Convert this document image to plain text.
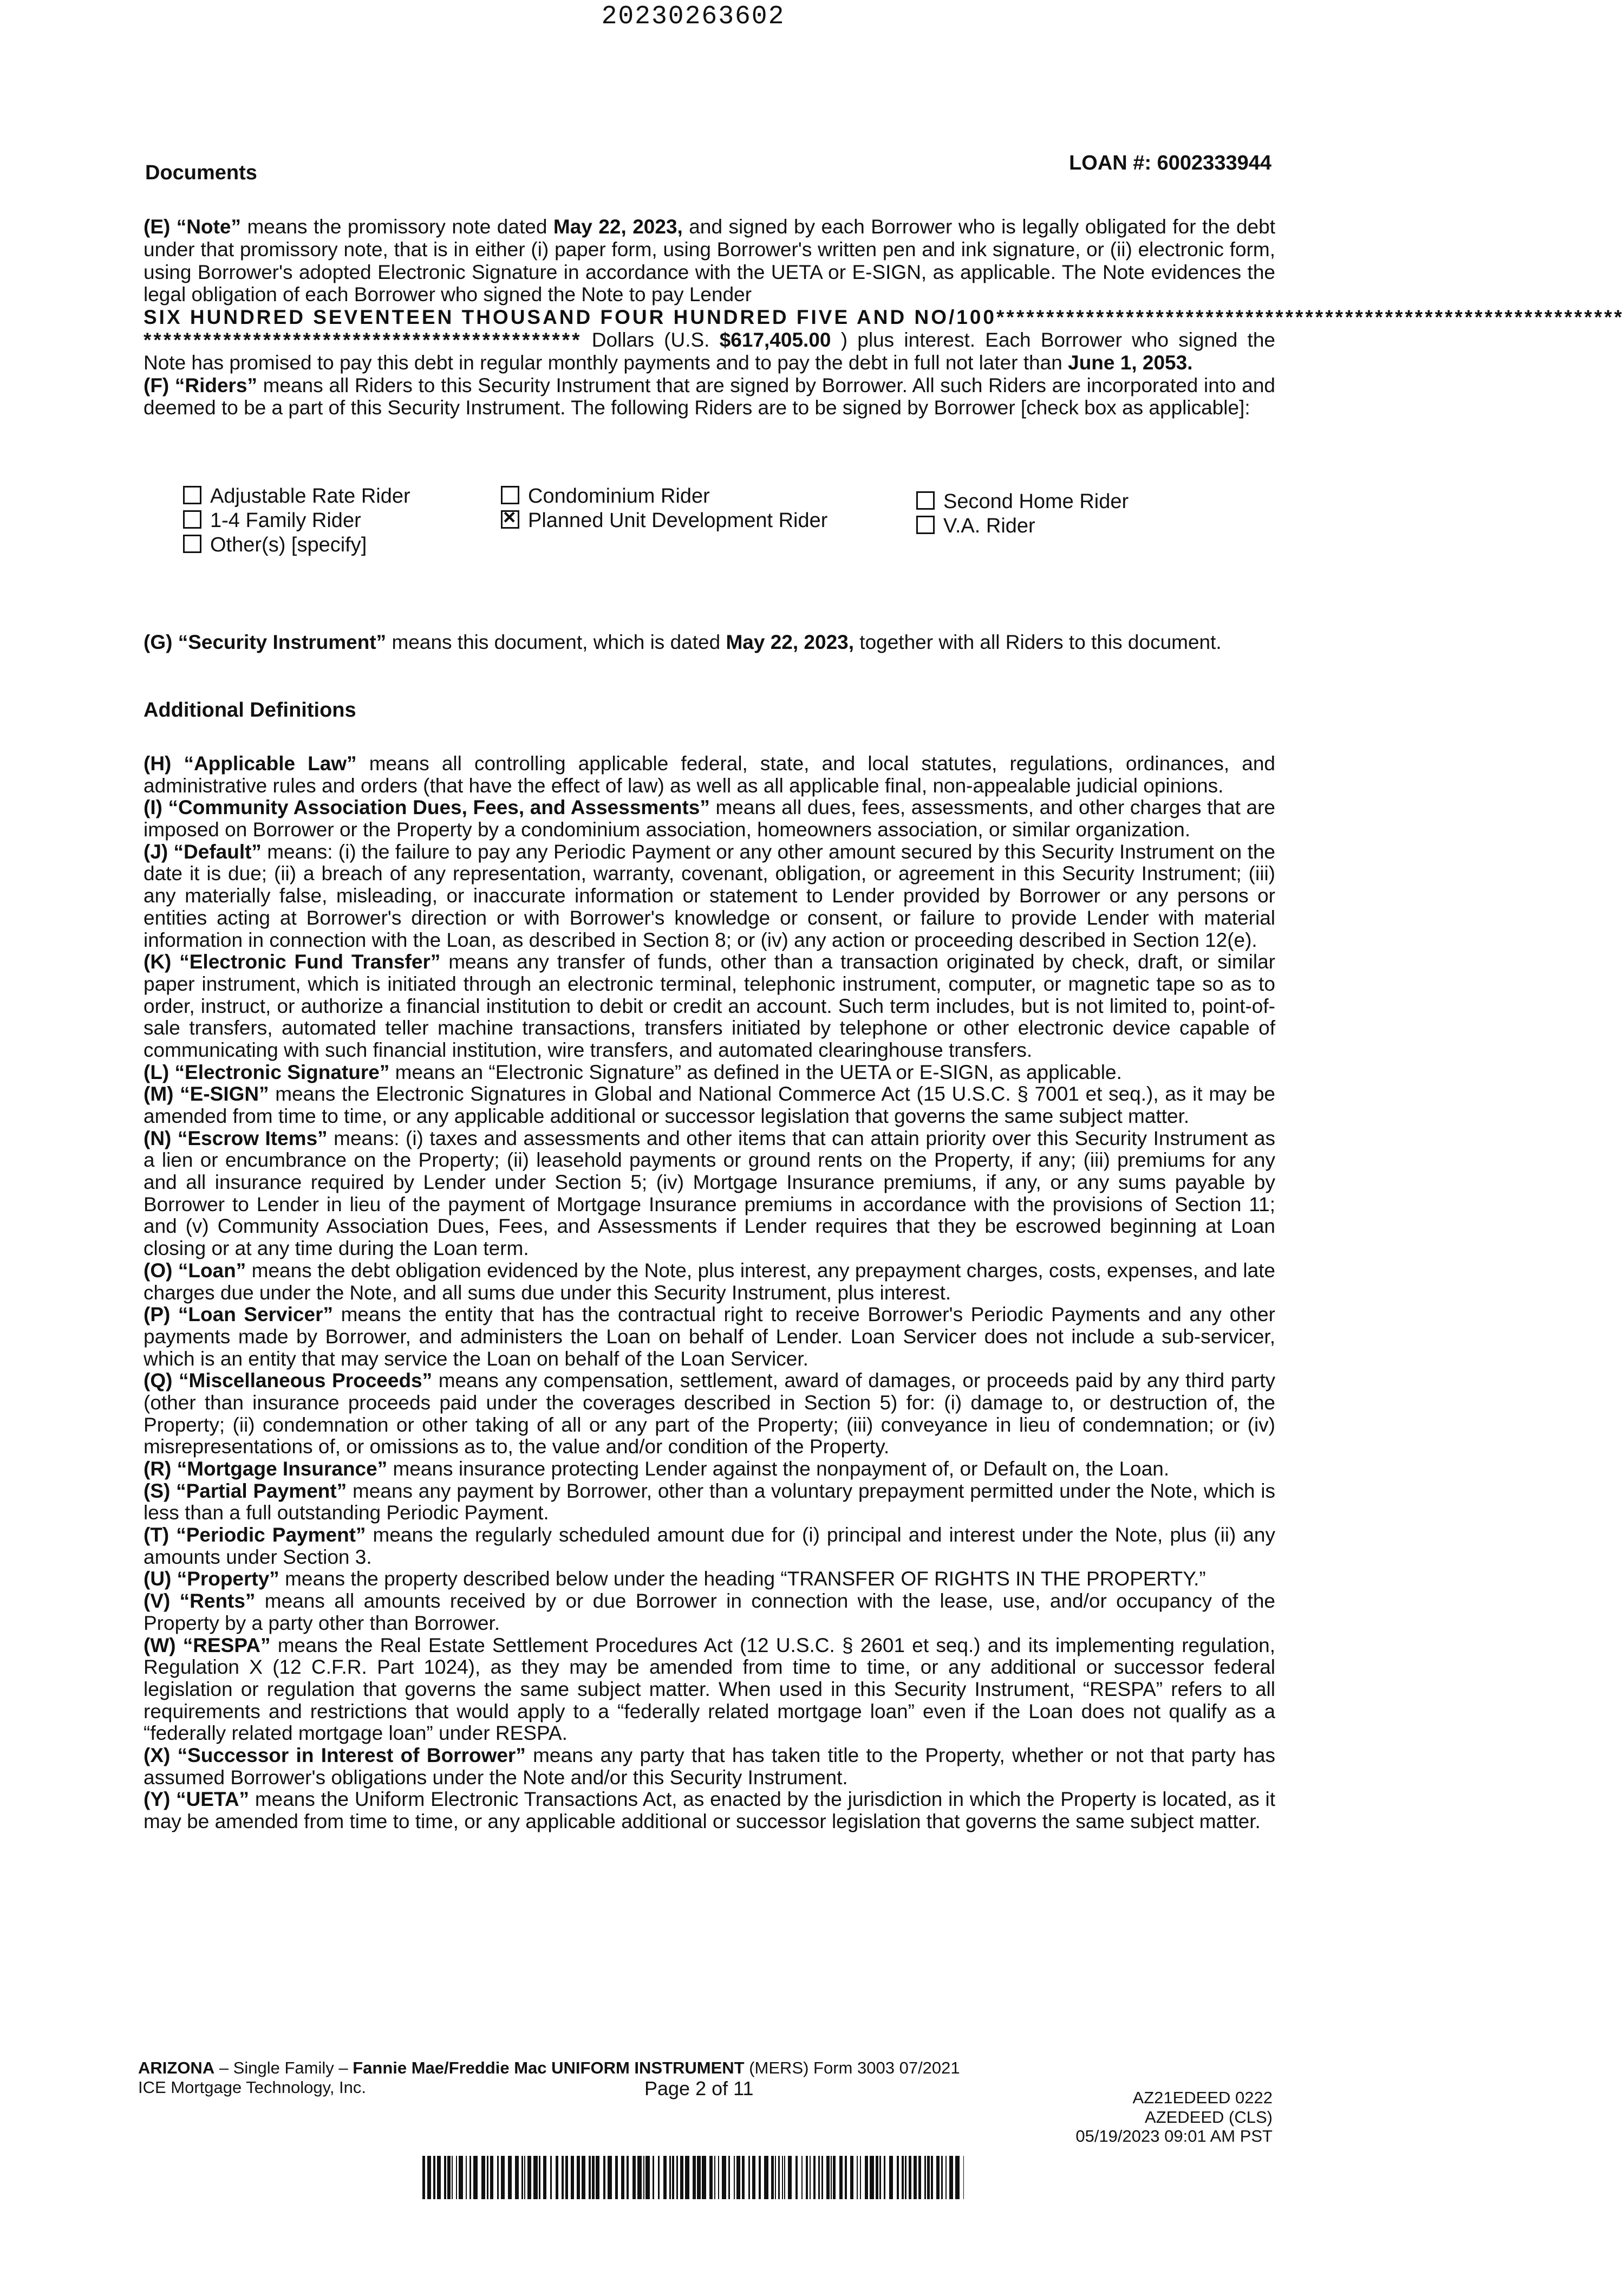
20230263602
Documents	LOAN #: 6002333944

(E) “Note” means the promissory note dated May 22, 2023, and signed by each Borrower who is legally obligated for the debt under that promissory note, that is in either (i) paper form, using Borrower's written pen and ink signature, or (ii) electronic form, using Borrower's adopted Electronic Signature in accordance with the UETA or E-SIGN, as applicable. The Note evidences the legal obligation of each Borrower who signed the Note to pay Lender

SIX HUNDRED SEVENTEEN THOUSAND FOUR HUNDRED FIVE AND NO/100***************************************************************

******************************************** Dollars (U.S. $617,405.00 ) plus interest. Each Borrower who signed the Note has promised to pay this debt in regular monthly payments and to pay the debt in full not later than June 1, 2053.

(F) “Riders” means all Riders to this Security Instrument that are signed by Borrower. All such Riders are incorporated into and deemed to be a part of this Security Instrument. The following Riders are to be signed by Borrower [check box as applicable]:

Adjustable Rate Rider
1-4 Family Rider
Other(s) [specify]
Condominium Rider
×Planned Unit Development Rider
Second Home Rider
V.A. Rider

(G) “Security Instrument” means this document, which is dated May 22, 2023, together with all Riders to this document.

Additional Definitions

(H) “Applicable Law” means all controlling applicable federal, state, and local statutes, regulations, ordinances, and administrative rules and orders (that have the effect of law) as well as all applicable final, non-appealable judicial opinions.

(I) “Community Association Dues, Fees, and Assessments” means all dues, fees, assessments, and other charges that are imposed on Borrower or the Property by a condominium association, homeowners association, or similar organization.

(J) “Default” means: (i) the failure to pay any Periodic Payment or any other amount secured by this Security Instrument on the date it is due; (ii) a breach of any representation, warranty, covenant, obligation, or agreement in this Security Instrument; (iii) any materially false, misleading, or inaccurate information or statement to Lender provided by Borrower or any persons or entities acting at Borrower's direction or with Borrower's knowledge or consent, or failure to provide Lender with material information in connection with the Loan, as described in Section 8; or (iv) any action or proceeding described in Section 12(e).

(K) “Electronic Fund Transfer” means any transfer of funds, other than a transaction originated by check, draft, or similar paper instrument, which is initiated through an electronic terminal, telephonic instrument, computer, or magnetic tape so as to order, instruct, or authorize a financial institution to debit or credit an account. Such term includes, but is not limited to, point-of-sale transfers, automated teller machine transactions, transfers initiated by telephone or other electronic device capable of communicating with such financial institution, wire transfers, and automated clearinghouse transfers.

(L) “Electronic Signature” means an “Electronic Signature” as defined in the UETA or E-SIGN, as applicable.

(M) “E-SIGN” means the Electronic Signatures in Global and National Commerce Act (15 U.S.C. § 7001 et seq.), as it may be amended from time to time, or any applicable additional or successor legislation that governs the same subject matter.

(N) “Escrow Items” means: (i) taxes and assessments and other items that can attain priority over this Security Instrument as a lien or encumbrance on the Property; (ii) leasehold payments or ground rents on the Property, if any; (iii) premiums for any and all insurance required by Lender under Section 5; (iv) Mortgage Insurance premiums, if any, or any sums payable by Borrower to Lender in lieu of the payment of Mortgage Insurance premiums in accordance with the provisions of Section 11; and (v) Community Association Dues, Fees, and Assessments if Lender requires that they be escrowed beginning at Loan closing or at any time during the Loan term.

(O) “Loan” means the debt obligation evidenced by the Note, plus interest, any prepayment charges, costs, expenses, and late charges due under the Note, and all sums due under this Security Instrument, plus interest.

(P) “Loan Servicer” means the entity that has the contractual right to receive Borrower's Periodic Payments and any other payments made by Borrower, and administers the Loan on behalf of Lender. Loan Servicer does not include a sub-servicer, which is an entity that may service the Loan on behalf of the Loan Servicer.

(Q) “Miscellaneous Proceeds” means any compensation, settlement, award of damages, or proceeds paid by any third party (other than insurance proceeds paid under the coverages described in Section 5) for: (i) damage to, or destruction of, the Property; (ii) condemnation or other taking of all or any part of the Property; (iii) conveyance in lieu of condemnation; or (iv) misrepresentations of, or omissions as to, the value and/or condition of the Property.

(R) “Mortgage Insurance” means insurance protecting Lender against the nonpayment of, or Default on, the Loan.

(S) “Partial Payment” means any payment by Borrower, other than a voluntary prepayment permitted under the Note, which is less than a full outstanding Periodic Payment.

(T) “Periodic Payment” means the regularly scheduled amount due for (i) principal and interest under the Note, plus (ii) any amounts under Section 3.

(U) “Property” means the property described below under the heading “TRANSFER OF RIGHTS IN THE PROPERTY.”

(V) “Rents” means all amounts received by or due Borrower in connection with the lease, use, and/or occupancy of the Property by a party other than Borrower.

(W) “RESPA” means the Real Estate Settlement Procedures Act (12 U.S.C. § 2601 et seq.) and its implementing regulation, Regulation X (12 C.F.R. Part 1024), as they may be amended from time to time, or any additional or successor federal legislation or regulation that governs the same subject matter. When used in this Security Instrument, “RESPA” refers to all requirements and restrictions that would apply to a “federally related mortgage loan” even if the Loan does not qualify as a “federally related mortgage loan” under RESPA.

(X) “Successor in Interest of Borrower” means any party that has taken title to the Property, whether or not that party has assumed Borrower's obligations under the Note and/or this Security Instrument.

(Y) “UETA” means the Uniform Electronic Transactions Act, as enacted by the jurisdiction in which the Property is located, as it may be amended from time to time, or any applicable additional or successor legislation that governs the same subject matter.

ARIZONA – Single Family – Fannie Mae/Freddie Mac UNIFORM INSTRUMENT (MERS) Form 3003 07/2021
ICE Mortgage Technology, Inc.	Page 2 of 11	AZ21EDEED 0222
AZEDEED (CLS)
05/19/2023 09:01 AM PST
